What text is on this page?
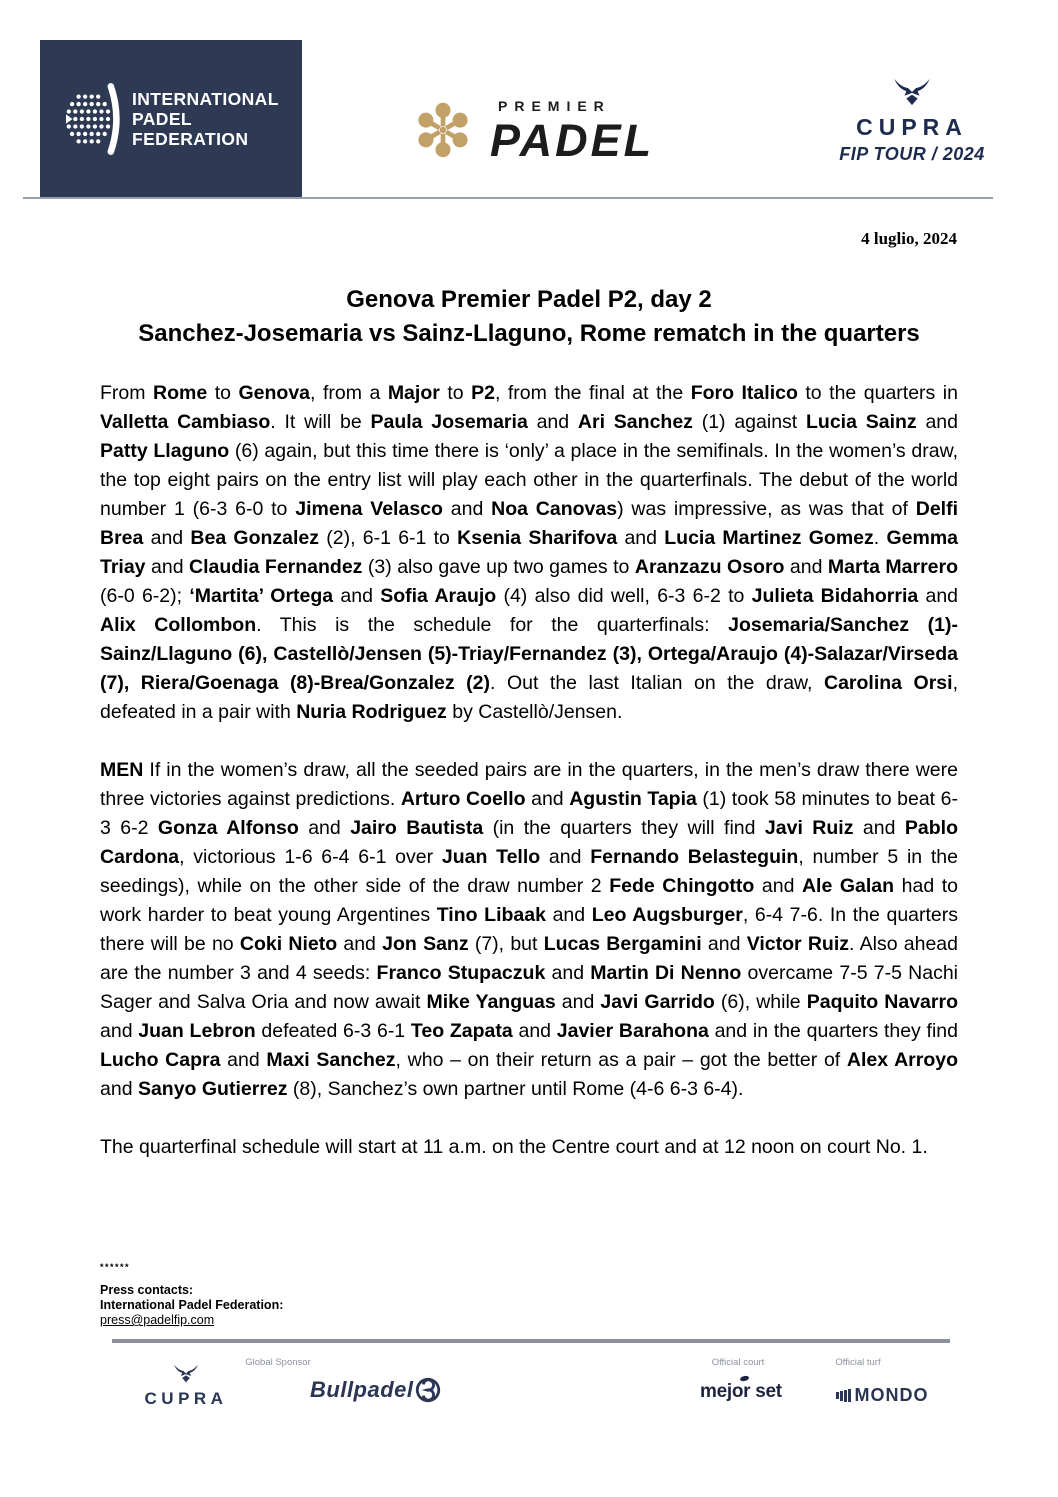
INTERNATIONAL
PADEL
FEDERATION
PREMIER
PADEL	CUPRA
FIP TOUR / 2024
4 luglio, 2024
Genova Premier Padel P2, day 2
Sanchez-Josemaria vs Sainz-Llaguno, Rome rematch in the quarters

From Rome to Genova, from a Major to P2, from the final at the Foro Italico to the quarters in Valletta Cambiaso. It will be Paula Josemaria and Ari Sanchez (1) against Lucia Sainz and Patty Llaguno (6) again, but this time there is ‘only’ a place in the semifinals. In the women’s draw, the top eight pairs on the entry list will play each other in the quarterfinals. The debut of the world number 1 (6-3 6-0 to Jimena Velasco and Noa Canovas) was impressive, as was that of Delfi Brea and Bea Gonzalez (2), 6-1 6-1 to Ksenia Sharifova and Lucia Martinez Gomez. Gemma Triay and Claudia Fernandez (3) also gave up two games to Aranzazu Osoro and Marta Marrero (6-0 6-2); ‘Martita’ Ortega and Sofia Araujo (4) also did well, 6-3 6-2 to Julieta Bidahorria and Alix Collombon. This is the schedule for the quarterfinals: Josemaria/Sanchez (1)-Sainz/Llaguno (6), Castellò/Jensen (5)-Triay/Fernandez (3), Ortega/Araujo (4)-Salazar/Virseda (7), Riera/Goenaga (8)-Brea/Gonzalez (2). Out the last Italian on the draw, Carolina Orsi, defeated in a pair with Nuria Rodriguez by Castellò/Jensen.

MEN If in the women’s draw, all the seeded pairs are in the quarters, in the men’s draw there were three victories against predictions. Arturo Coello and Agustin Tapia (1) took 58 minutes to beat 6-3 6-2 Gonza Alfonso and Jairo Bautista (in the quarters they will find Javi Ruiz and Pablo Cardona, victorious 1-6 6-4 6-1 over Juan Tello and Fernando Belasteguin, number 5 in the seedings), while on the other side of the draw number 2 Fede Chingotto and Ale Galan had to work harder to beat young Argentines Tino Libaak and Leo Augsburger, 6-4 7-6. In the quarters there will be no Coki Nieto and Jon Sanz (7), but Lucas Bergamini and Victor Ruiz. Also ahead are the number 3 and 4 seeds: Franco Stupaczuk and Martin Di Nenno overcame 7-5 7-5 Nachi Sager and Salva Oria and now await Mike Yanguas and Javi Garrido (6), while Paquito Navarro and Juan Lebron defeated 6-3 6-1 Teo Zapata and Javier Barahona and in the quarters they find Lucho Capra and Maxi Sanchez, who – on their return as a pair – got the better of Alex Arroyo and Sanyo Gutierrez (8), Sanchez’s own partner until Rome (4-6 6-3 6-4).

The quarterfinal schedule will start at 11 a.m. on the Centre court and at 12 noon on court No. 1.

******
Press contacts:
International Padel Federation:
press@padelfip.com
Global Sponsor	Official court	Official turf
CUPRA	Bullpadel	mejor set	MONDO
